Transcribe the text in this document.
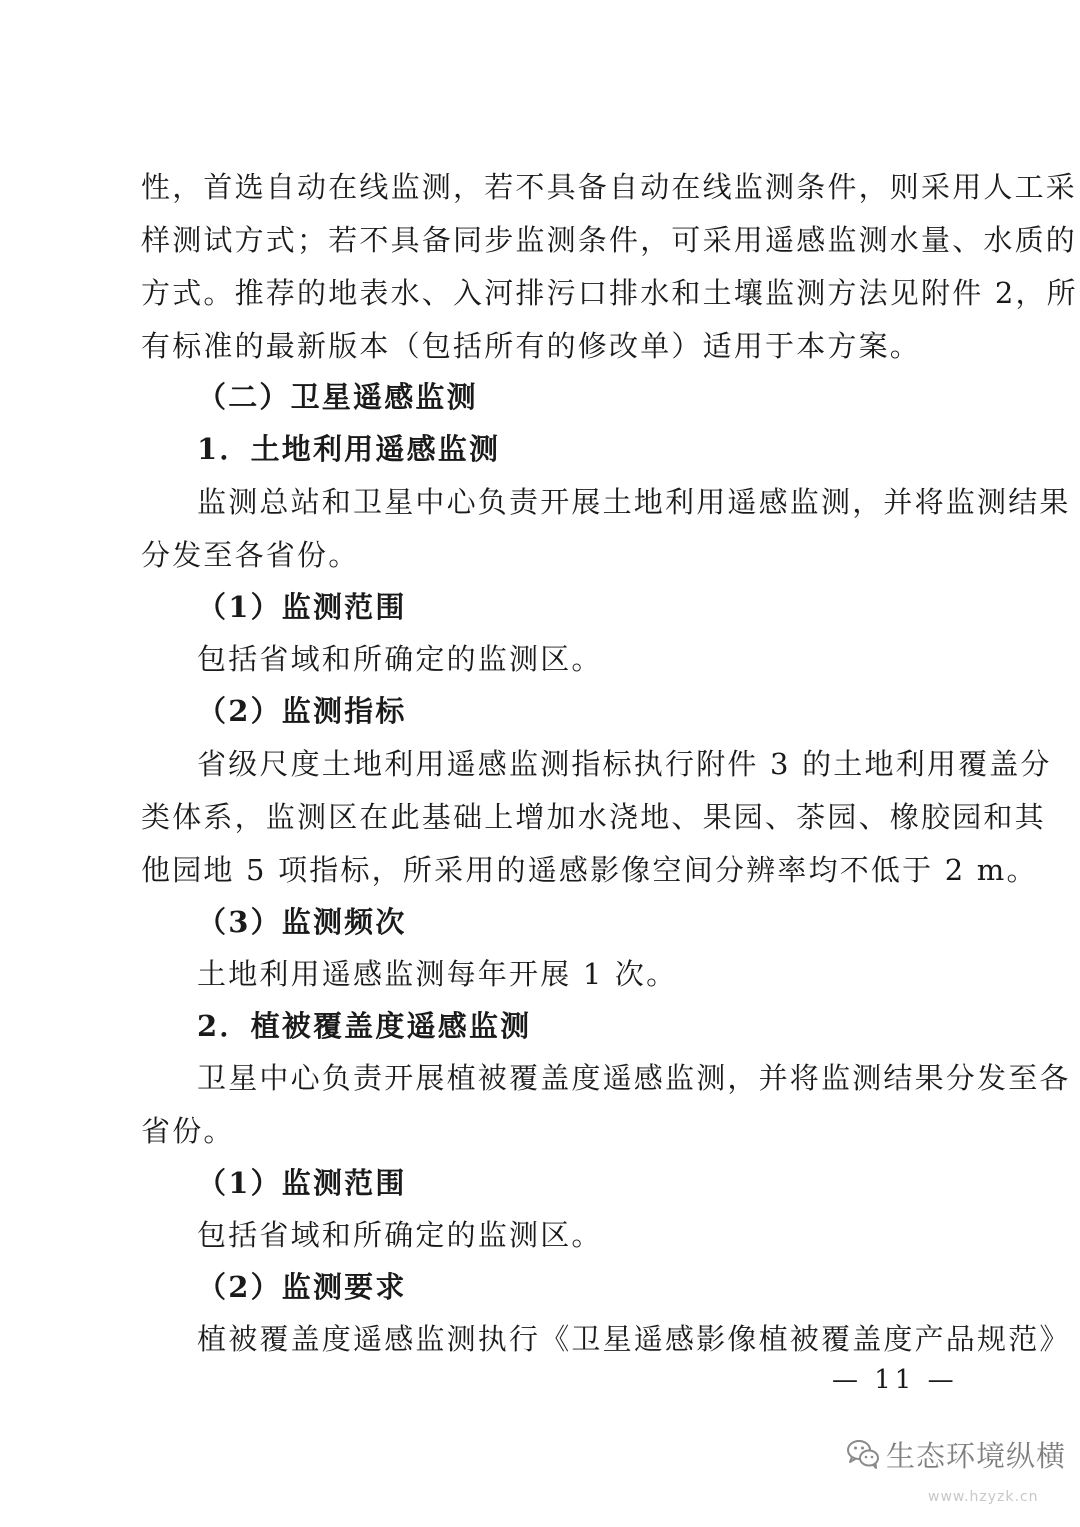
性，首选自动在线监测，若不具备自动在线监测条件，则采用人工采
样测试方式；若不具备同步监测条件，可采用遥感监测水量、水质的
方式。推荐的地表水、入河排污口排水和土壤监测方法见附件 2，所
有标准的最新版本（包括所有的修改单）适用于本方案。
（二）卫星遥感监测
1．土地利用遥感监测
监测总站和卫星中心负责开展土地利用遥感监测，并将监测结果
分发至各省份。
（1）监测范围
包括省域和所确定的监测区。
（2）监测指标
省级尺度土地利用遥感监测指标执行附件 3 的土地利用覆盖分
类体系，监测区在此基础上增加水浇地、果园、茶园、橡胶园和其
他园地 5 项指标，所采用的遥感影像空间分辨率均不低于 2 m。
（3）监测频次
土地利用遥感监测每年开展 1 次。
2．植被覆盖度遥感监测
卫星中心负责开展植被覆盖度遥感监测，并将监测结果分发至各
省份。
（1）监测范围
包括省域和所确定的监测区。
（2）监测要求
植被覆盖度遥感监测执行《卫星遥感影像植被覆盖度产品规范》
— 11 —
生态环境纵横
www.hzyzk.cn
